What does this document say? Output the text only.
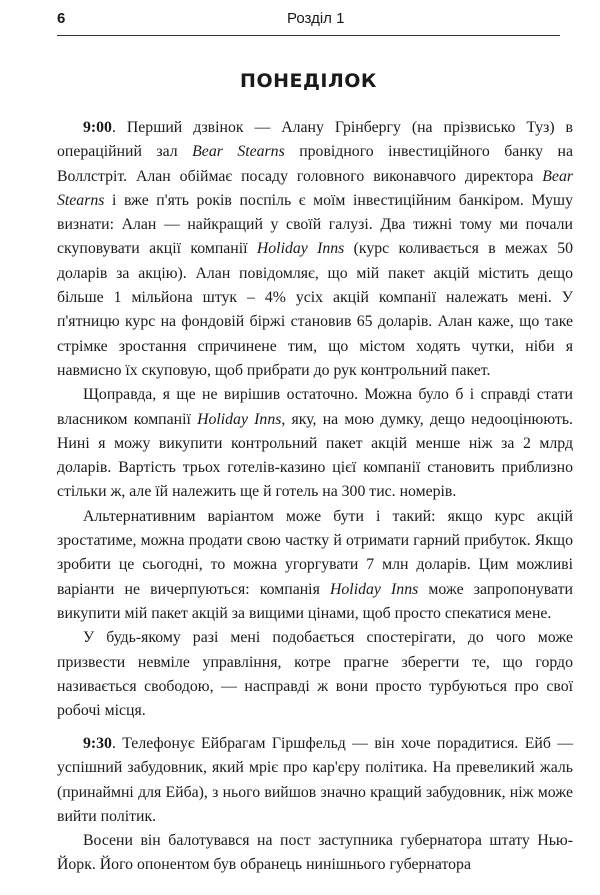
6	Розділ 1
ПОНЕДІЛОК

9:00. Перший дзвінок — Алану Грінбергу (на прізвисько Туз) в операційний зал Bear Stearns провідного інвестиційного банку на Воллстріт. Алан обіймає посаду головного виконавчого директора Bear Stearns і вже п'ять років поспіль є моїм інвестиційним банкіром. Мушу визнати: Алан — найкращий у своїй галузі. Два тижні тому ми почали скуповувати акції компанії Holiday Inns (курс коливається в межах 50 доларів за акцію). Алан повідомляє, що мій пакет акцій містить дещо більше 1 мільйона штук – 4% усіх акцій компанії належать мені. У п'ятницю курс на фондовій біржі становив 65 доларів. Алан каже, що таке стрімке зростання спричинене тим, що містом ходять чутки, ніби я навмисно їх скуповую, щоб прибрати до рук контрольний пакет.

Щоправда, я ще не вирішив остаточно. Можна було б і справді стати власником компанії Holiday Inns, яку, на мою думку, дещо недооцінюють. Нині я можу викупити контрольний пакет акцій менше ніж за 2 млрд доларів. Вартість трьох готелів-казино цієї компанії становить приблизно стільки ж, але їй належить ще й готель на 300 тис. номерів.

Альтернативним варіантом може бути і такий: якщо курс акцій зростатиме, можна продати свою частку й отримати гарний прибуток. Якщо зробити це сьогодні, то можна угоргувати 7 млн доларів. Цим можливі варіанти не вичерпуються: компанія Holiday Inns може запропонувати викупити мій пакет акцій за вищими цінами, щоб просто спекатися мене.

У будь-якому разі мені подобається спостерігати, до чого може призвести невміле управління, котре прагне зберегти те, що гордо називається свободою, — насправді ж вони просто турбуються про свої робочі місця.

9:30. Телефонує Ейбрагам Гіршфельд — він хоче порадитися. Ейб — успішний забудовник, який мріє про кар'єру політика. На превеликий жаль (принаймні для Ейба), з нього вийшов значно кращий забудовник, ніж може вийти політик.

Восени він балотувався на пост заступника губернатора штату Нью-Йорк. Його опонентом був обранець нинішнього губернатора
